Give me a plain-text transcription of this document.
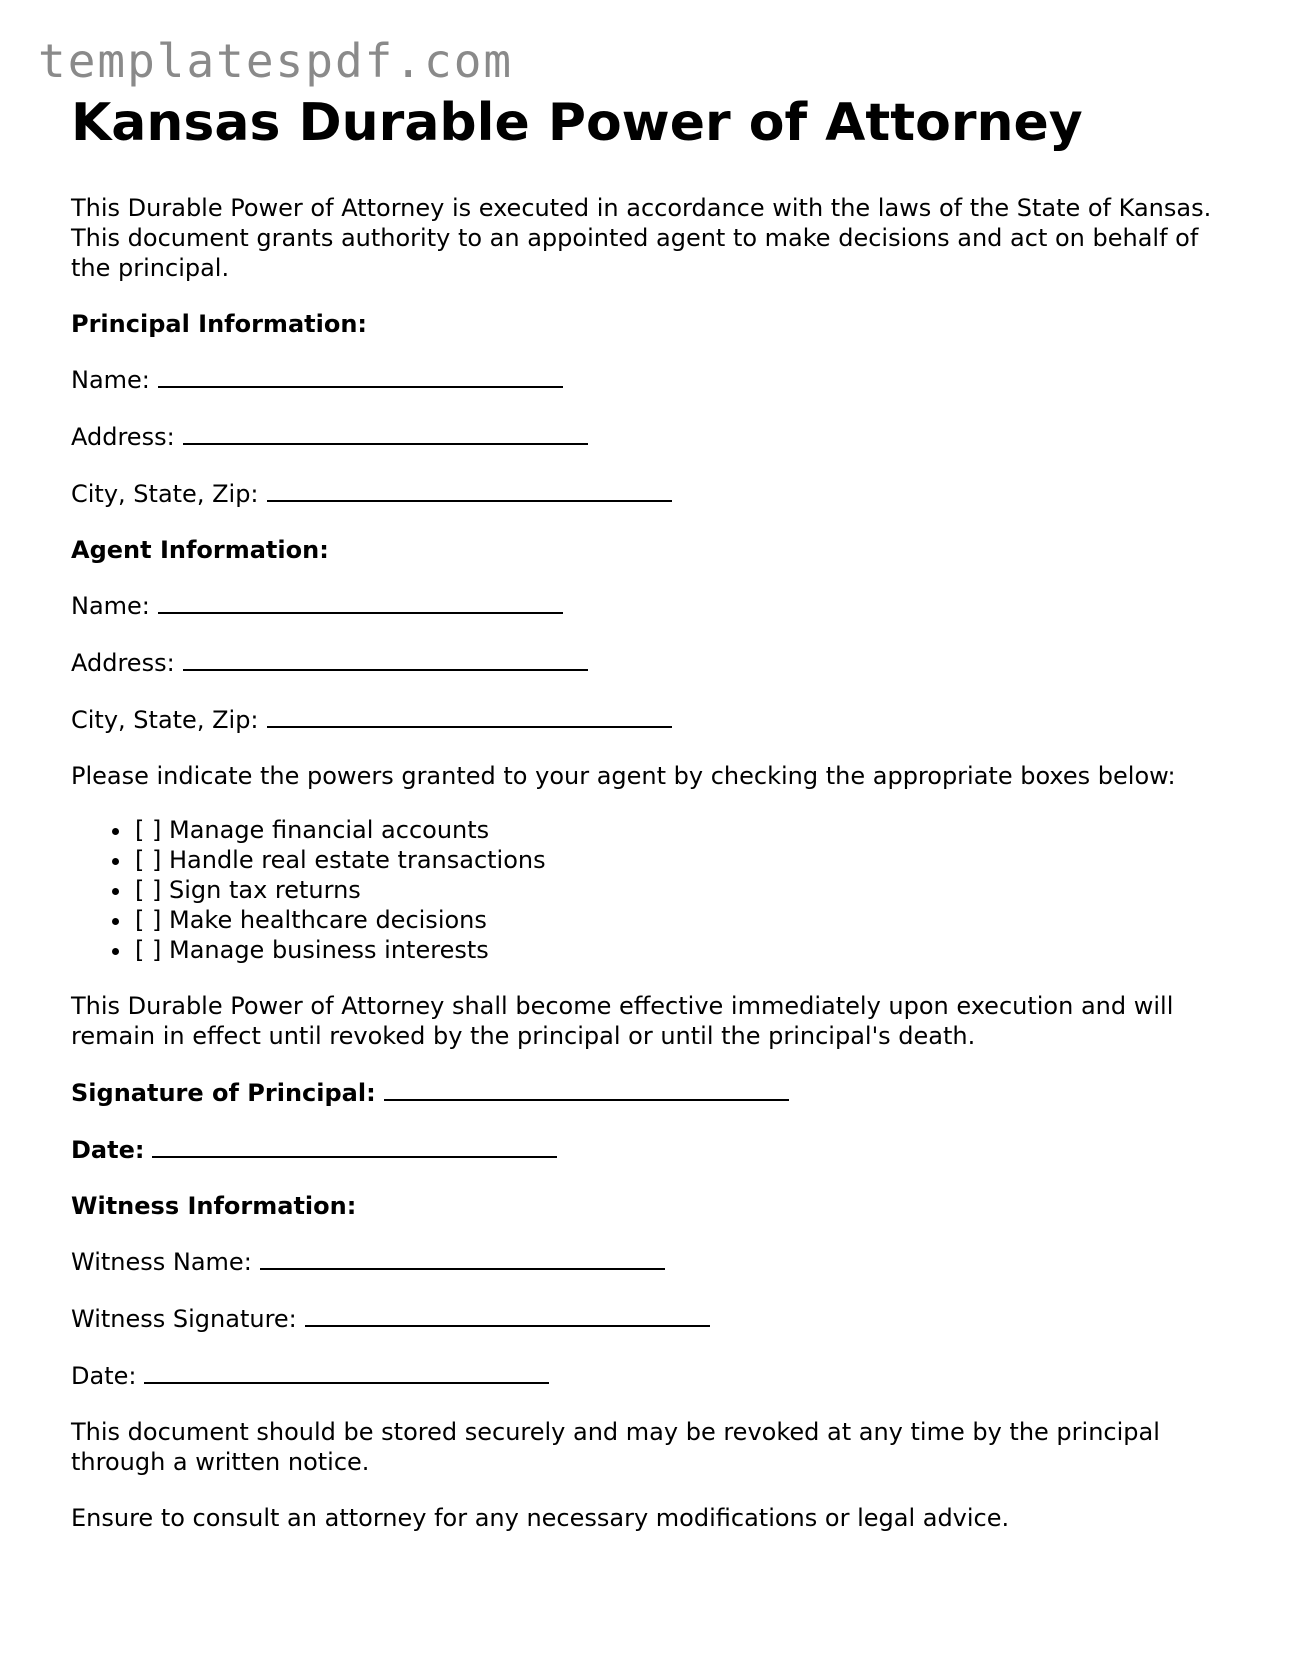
templatespdf.com
Kansas Durable Power of Attorney

This Durable Power of Attorney is executed in accordance with the laws of the State of Kansas. This document grants authority to an appointed agent to make decisions and act on behalf of the principal.

Principal Information:

Name:

Address:

City, State, Zip:

Agent Information:

Name:

Address:

City, State, Zip:

Please indicate the powers granted to your agent by checking the appropriate boxes below:

• [ ] Manage financial accounts
• [ ] Handle real estate transactions
• [ ] Sign tax returns
• [ ] Make healthcare decisions
• [ ] Manage business interests

This Durable Power of Attorney shall become effective immediately upon execution and will remain in effect until revoked by the principal or until the principal's death.

Signature of Principal:

Date:

Witness Information:

Witness Name:

Witness Signature:

Date:

This document should be stored securely and may be revoked at any time by the principal through a written notice.

Ensure to consult an attorney for any necessary modifications or legal advice.
